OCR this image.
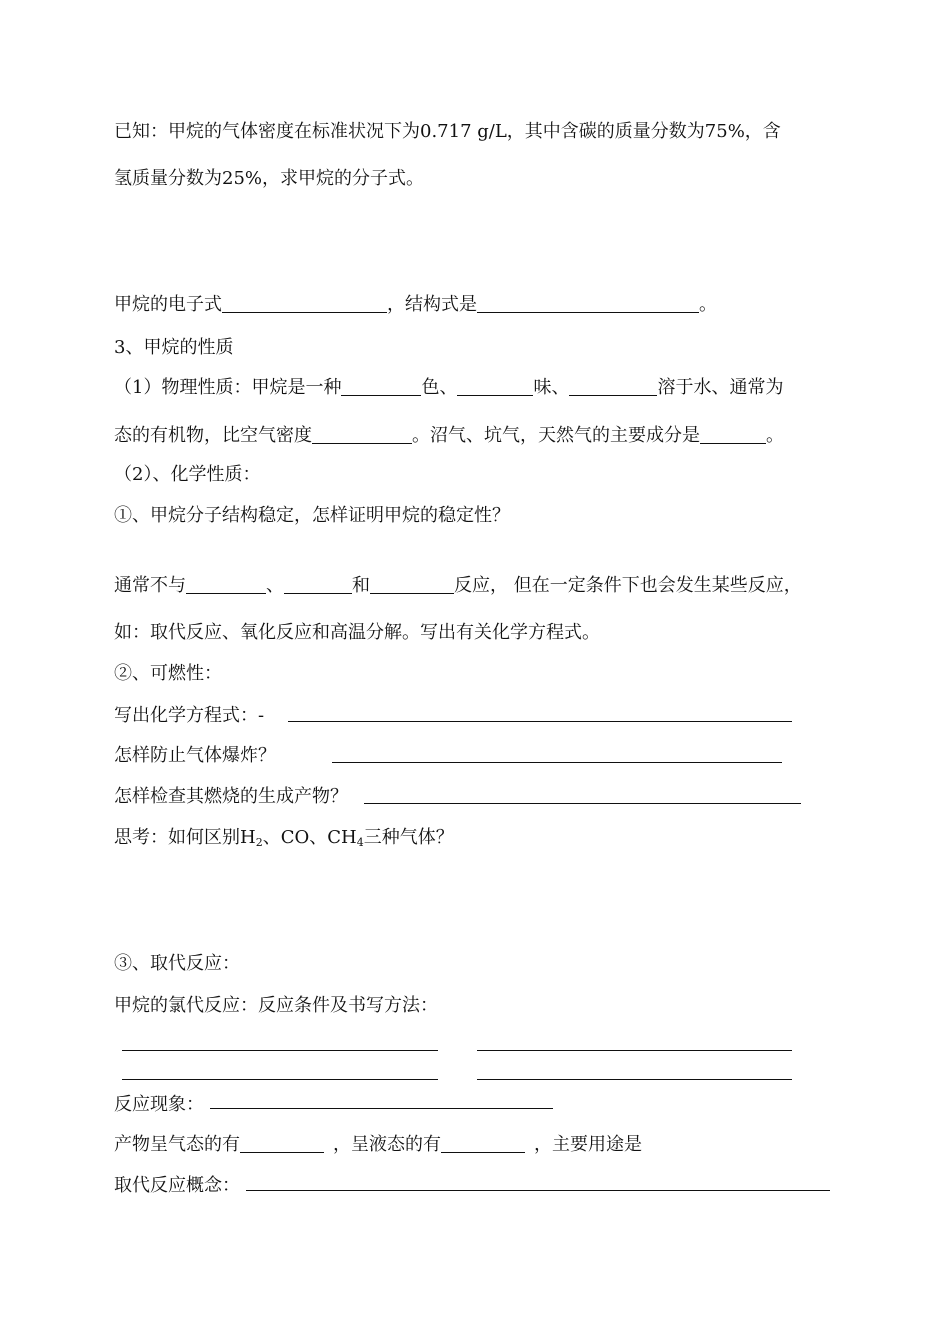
已知：甲烷的气体密度在标准状况下为0.717 g/L，其中含碳的质量分数为75%，含
氢质量分数为25%，求甲烷的分子式。
甲烷的电子式	，结构式是	。
3、甲烷的性质
（1）物理性质：甲烷是一种	色、	味、	溶于水、通常为
态的有机物，比空气密度	。沼气、坑气，天然气的主要成分是	。
（2）、化学性质：
①、甲烷分子结构稳定，怎样证明甲烷的稳定性？
通常不与	、	和	反应， 但在一定条件下也会发生某些反应，
如：取代反应、氧化反应和高温分解。写出有关化学方程式。
②、可燃性：
写出化学方程式：-
怎样防止气体爆炸？
怎样检查其燃烧的生成产物？
思考：如何区别$H_2$、CO、$CH_4$三种气体？
③、取代反应：
甲烷的氯代反应：反应条件及书写方法：
反应现象：
产物呈气态的有	，呈液态的有	，主要用途是
取代反应概念：
